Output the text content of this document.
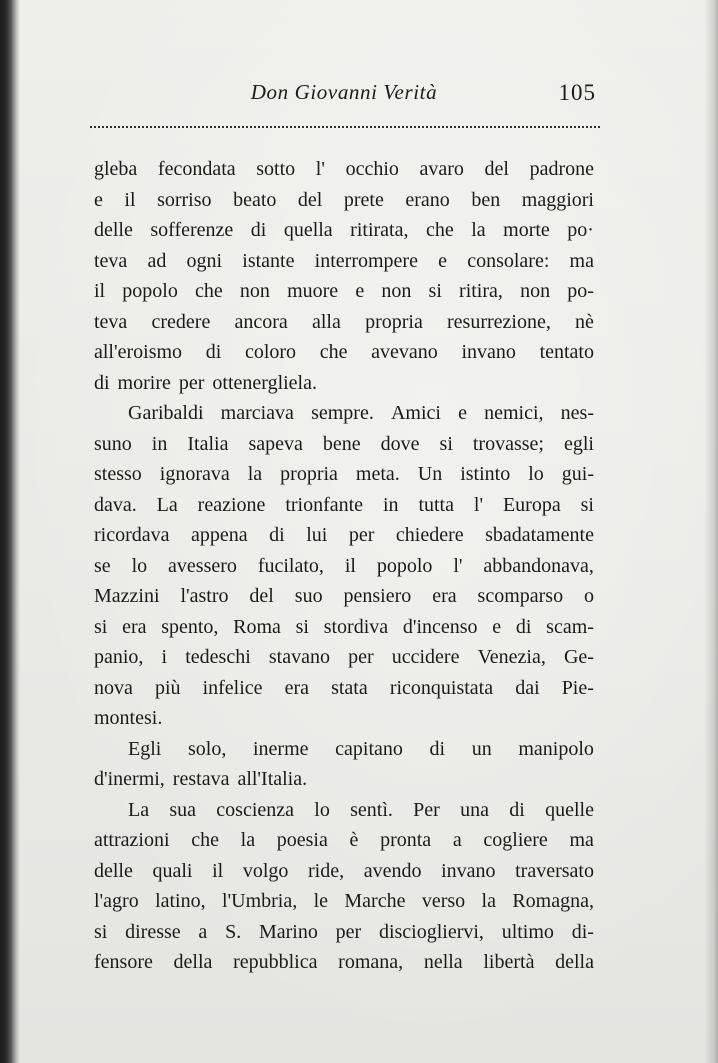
Don Giovanni Verità	105
gleba fecondata sotto l' occhio avaro del padrone
e il sorriso beato del prete erano ben maggiori
delle sofferenze di quella ritirata, che la morte po·
teva ad ogni istante interrompere e consolare: ma
il popolo che non muore e non si ritira, non po-
teva credere ancora alla propria resurrezione, nè
all'eroismo di coloro che avevano invano tentato
di morire per ottenergliela.
Garibaldi marciava sempre. Amici e nemici, nes-
suno in Italia sapeva bene dove si trovasse; egli
stesso ignorava la propria meta. Un istinto lo gui-
dava. La reazione trionfante in tutta l' Europa si
ricordava appena di lui per chiedere sbadatamente
se lo avessero fucilato, il popolo l' abbandonava,
Mazzini l'astro del suo pensiero era scomparso o
si era spento, Roma si stordiva d'incenso e di scam-
panio, i tedeschi stavano per uccidere Venezia, Ge-
nova più infelice era stata riconquistata dai Pie-
montesi.
Egli solo, inerme capitano di un manipolo
d'inermi, restava all'Italia.
La sua coscienza lo sentì. Per una di quelle
attrazioni che la poesia è pronta a cogliere ma
delle quali il volgo ride, avendo invano traversato
l'agro latino, l'Umbria, le Marche verso la Romagna,
si diresse a S. Marino per disciogliervi, ultimo di-
fensore della repubblica romana, nella libertà della
